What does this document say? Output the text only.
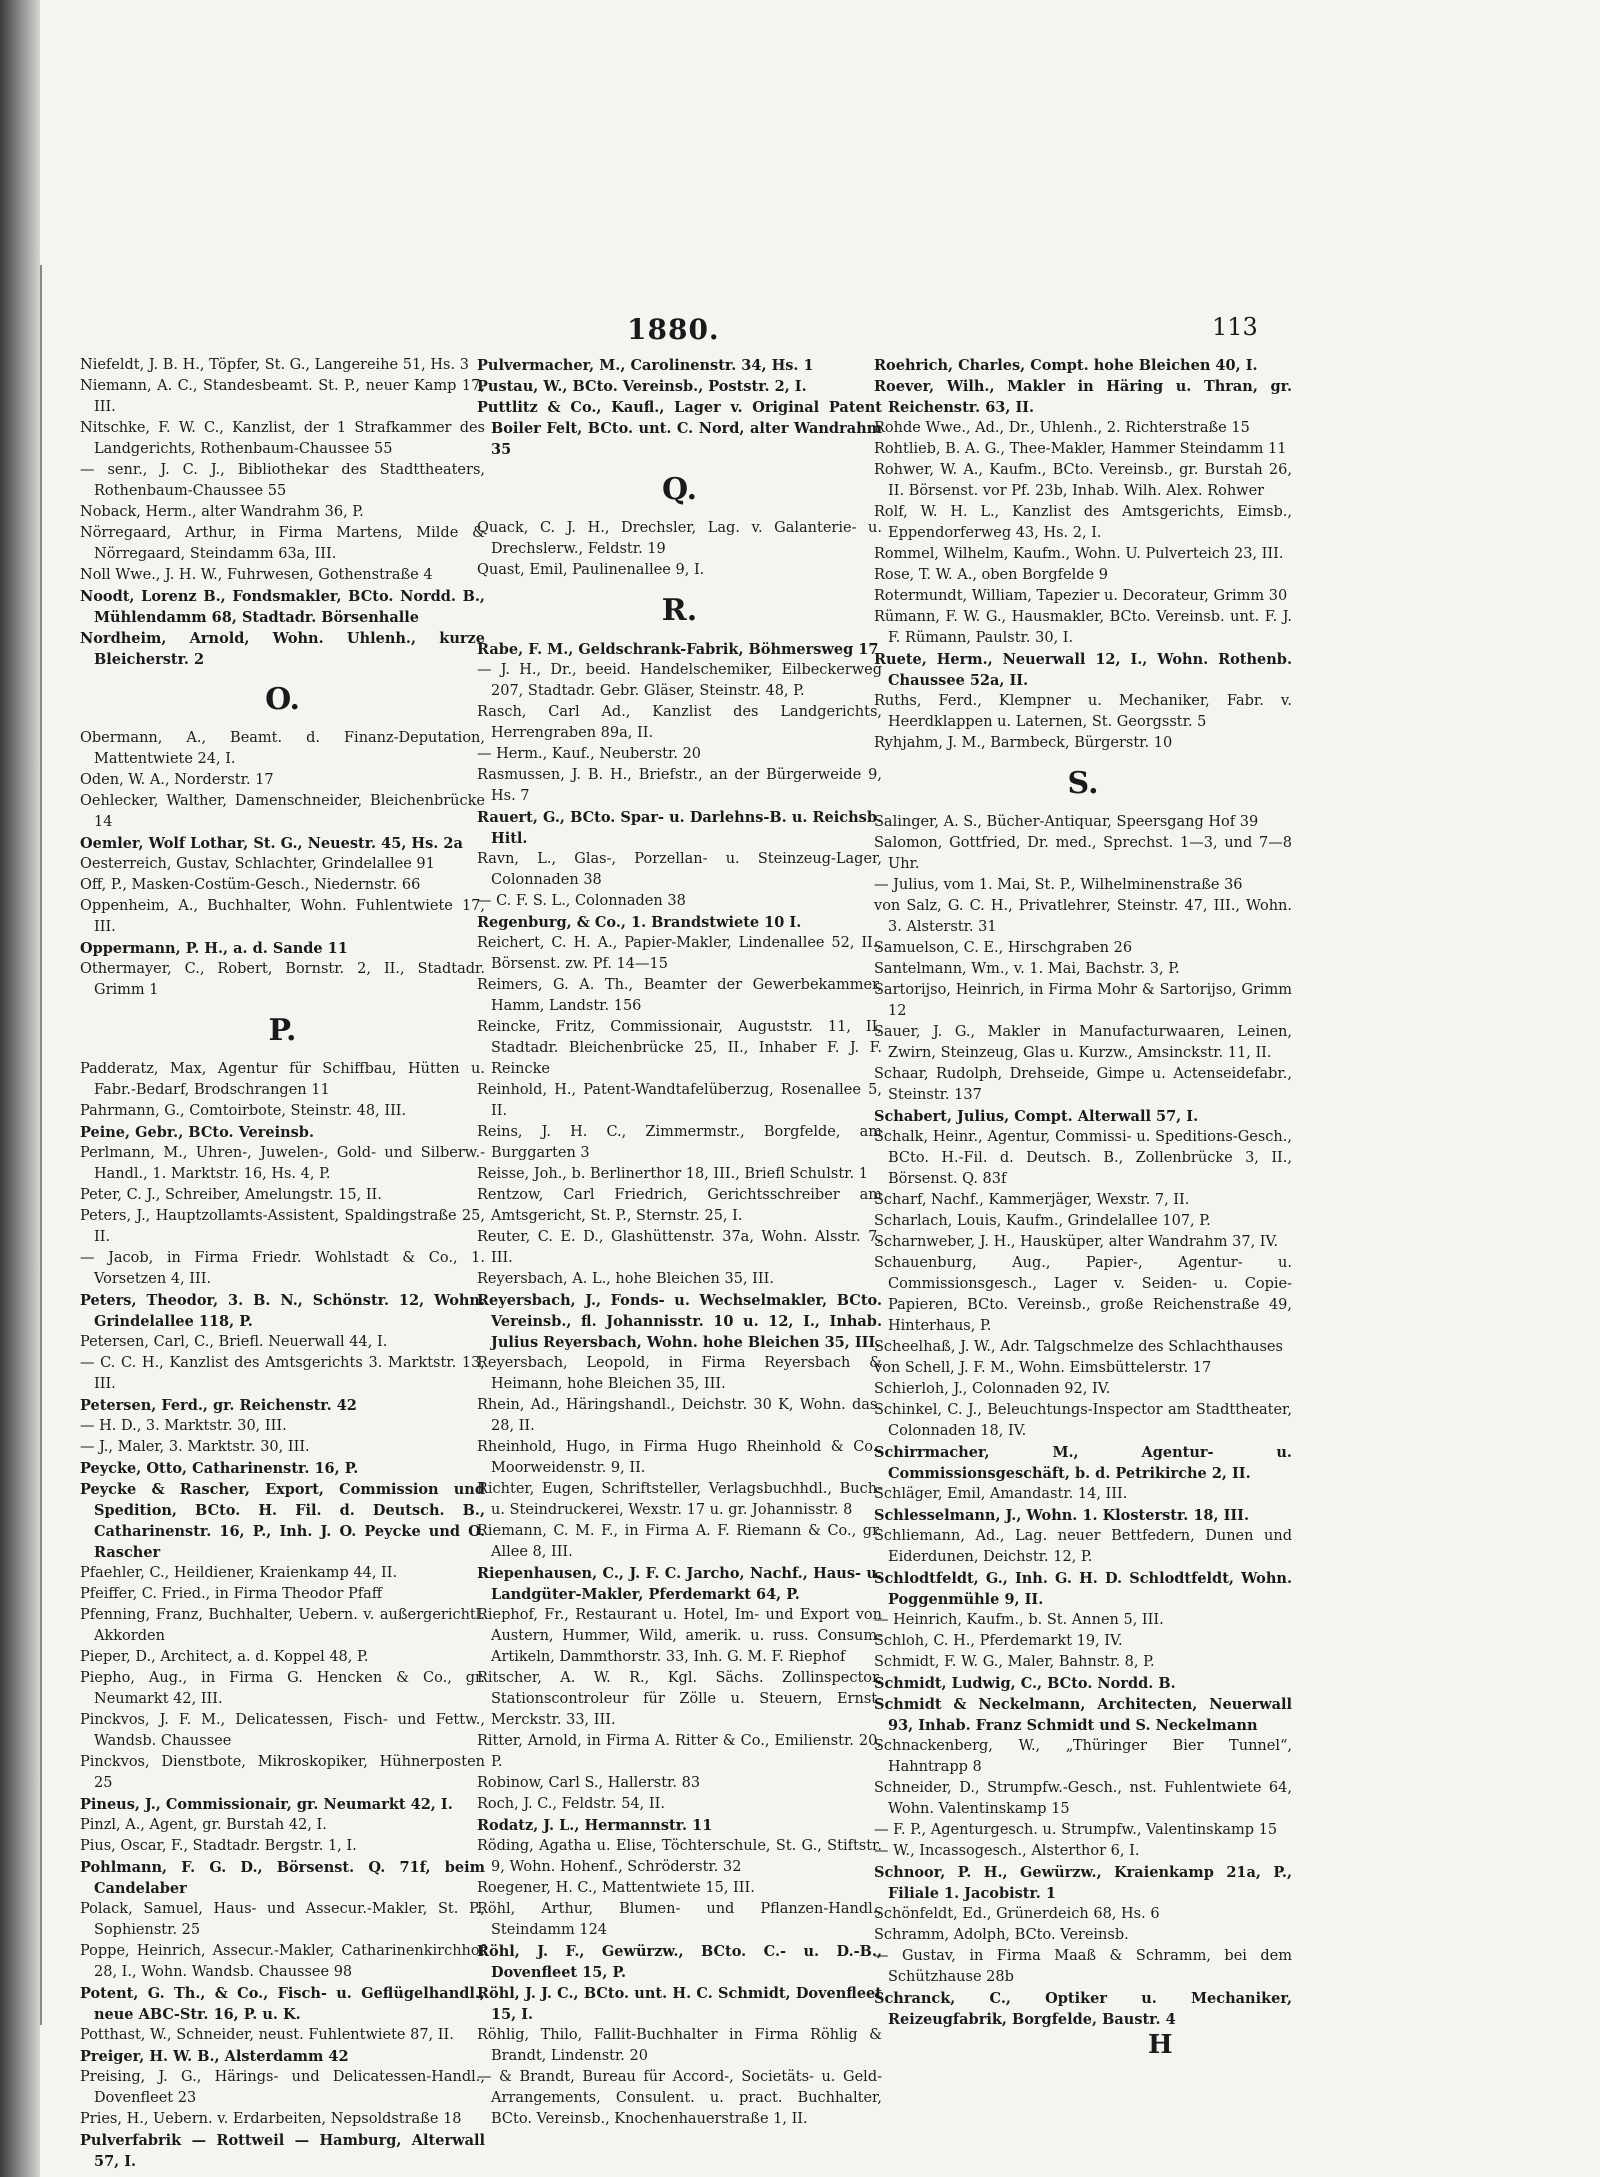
1880.	113

Niefeldt, J. B. H., Töpfer, St. G., Langereihe 51, Hs. 3

Niemann, A. C., Standesbeamt. St. P., neuer Kamp 17, III.

Nitschke, F. W. C., Kanzlist, der 1 Strafkammer des Landgerichts, Rothenbaum-Chaussee 55

— senr., J. C. J., Bibliothekar des Stadttheaters, Rothenbaum-Chaussee 55

Noback, Herm., alter Wandrahm 36, P.

Nörregaard, Arthur, in Firma Martens, Milde & Nörregaard, Steindamm 63a, III.

Noll Wwe., J. H. W., Fuhrwesen, Gothenstraße 4

Noodt, Lorenz B., Fondsmakler, BCto. Nordd. B., Mühlendamm 68, Stadtadr. Börsenhalle

Nordheim, Arnold, Wohn. Uhlenh., kurze Bleicherstr. 2

O.

Obermann, A., Beamt. d. Finanz-Deputation, Mattentwiete 24, I.

Oden, W. A., Norderstr. 17

Oehlecker, Walther, Damenschneider, Bleichenbrücke 14

Oemler, Wolf Lothar, St. G., Neuestr. 45, Hs. 2a

Oesterreich, Gustav, Schlachter, Grindelallee 91

Off, P., Masken-Costüm-Gesch., Niedernstr. 66

Oppenheim, A., Buchhalter, Wohn. Fuhlentwiete 17, III.

Oppermann, P. H., a. d. Sande 11

Othermayer, C., Robert, Bornstr. 2, II., Stadtadr. Grimm 1

P.

Padderatz, Max, Agentur für Schiffbau, Hütten u. Fabr.-Bedarf, Brodschrangen 11

Pahrmann, G., Comtoirbote, Steinstr. 48, III.

Peine, Gebr., BCto. Vereinsb.

Perlmann, M., Uhren-, Juwelen-, Gold- und Silberw.-Handl., 1. Marktstr. 16, Hs. 4, P.

Peter, C. J., Schreiber, Amelungstr. 15, II.

Peters, J., Hauptzollamts-Assistent, Spaldingstraße 25, II.

— Jacob, in Firma Friedr. Wohlstadt & Co., 1. Vorsetzen 4, III.

Peters, Theodor, 3. B. N., Schönstr. 12, Wohn. Grindelallee 118, P.

Petersen, Carl, C., Briefl. Neuerwall 44, I.

— C. C. H., Kanzlist des Amtsgerichts 3. Marktstr. 13, III.

Petersen, Ferd., gr. Reichenstr. 42

— H. D., 3. Marktstr. 30, III.

— J., Maler, 3. Marktstr. 30, III.

Peycke, Otto, Catharinenstr. 16, P.

Peycke & Rascher, Export, Commission und Spedition, BCto. H. Fil. d. Deutsch. B., Catharinenstr. 16, P., Inh. J. O. Peycke und O. Rascher

Pfaehler, C., Heildiener, Kraienkamp 44, II.

Pfeiffer, C. Fried., in Firma Theodor Pfaff

Pfenning, Franz, Buchhalter, Uebern. v. außergerichtl. Akkorden

Pieper, D., Architect, a. d. Koppel 48, P.

Piepho, Aug., in Firma G. Hencken & Co., gr. Neumarkt 42, III.

Pinckvos, J. F. M., Delicatessen, Fisch- und Fettw., Wandsb. Chaussee

Pinckvos, Dienstbote, Mikroskopiker, Hühnerposten 25

Pineus, J., Commissionair, gr. Neumarkt 42, I.

Pinzl, A., Agent, gr. Burstah 42, I.

Pius, Oscar, F., Stadtadr. Bergstr. 1, I.

Pohlmann, F. G. D., Börsenst. Q. 71f, beim Candelaber

Polack, Samuel, Haus- und Assecur.-Makler, St. P., Sophienstr. 25

Poppe, Heinrich, Assecur.-Makler, Catharinenkirchhof 28, I., Wohn. Wandsb. Chaussee 98

Potent, G. Th., & Co., Fisch- u. Geflügelhandl., neue ABC-Str. 16, P. u. K.

Potthast, W., Schneider, neust. Fuhlentwiete 87, II.

Preiger, H. W. B., Alsterdamm 42

Preising, J. G., Härings- und Delicatessen-Handl., Dovenfleet 23

Pries, H., Uebern. v. Erdarbeiten, Nepsoldstraße 18

Pulverfabrik — Rottweil — Hamburg, Alterwall 57, I.

Pulvermacher, M., Carolinenstr. 34, Hs. 1

Pustau, W., BCto. Vereinsb., Poststr. 2, I.

Puttlitz & Co., Kaufl., Lager v. Original Patent Boiler Felt, BCto. unt. C. Nord, alter Wandrahm 35

Q.

Quack, C. J. H., Drechsler, Lag. v. Galanterie- u. Drechslerw., Feldstr. 19

Quast, Emil, Paulinenallee 9, I.

R.

Rabe, F. M., Geldschrank-Fabrik, Böhmersweg 17

— J. H., Dr., beeid. Handelschemiker, Eilbeckerweg 207, Stadtadr. Gebr. Gläser, Steinstr. 48, P.

Rasch, Carl Ad., Kanzlist des Landgerichts, Herrengraben 89a, II.

— Herm., Kauf., Neuberstr. 20

Rasmussen, J. B. H., Briefstr., an der Bürgerweide 9, Hs. 7

Rauert, G., BCto. Spar- u. Darlehns-B. u. Reichsb. Hitl.

Ravn, L., Glas-, Porzellan- u. Steinzeug-Lager, Colonnaden 38

— C. F. S. L., Colonnaden 38

Regenburg, & Co., 1. Brandstwiete 10 I.

Reichert, C. H. A., Papier-Makler, Lindenallee 52, II., Börsenst. zw. Pf. 14—15

Reimers, G. A. Th., Beamter der Gewerbekammer, Hamm, Landstr. 156

Reincke, Fritz, Commissionair, Auguststr. 11, II, Stadtadr. Bleichenbrücke 25, II., Inhaber F. J. F. Reincke

Reinhold, H., Patent-Wandtafelüberzug, Rosenallee 5, II.

Reins, J. H. C., Zimmermstr., Borgfelde, am Burggarten 3

Reisse, Joh., b. Berlinerthor 18, III., Briefl Schulstr. 1

Rentzow, Carl Friedrich, Gerichtsschreiber am Amtsgericht, St. P., Sternstr. 25, I.

Reuter, C. E. D., Glashüttenstr. 37a, Wohn. Alsstr. 7, III.

Reyersbach, A. L., hohe Bleichen 35, III.

Reyersbach, J., Fonds- u. Wechselmakler, BCto. Vereinsb., fl. Johannisstr. 10 u. 12, I., Inhab. Julius Reyersbach, Wohn. hohe Bleichen 35, III.

Reyersbach, Leopold, in Firma Reyersbach & Heimann, hohe Bleichen 35, III.

Rhein, Ad., Häringshandl., Deichstr. 30 K, Wohn. das. 28, II.

Rheinhold, Hugo, in Firma Hugo Rheinhold & Co., Moorweidenstr. 9, II.

Richter, Eugen, Schriftsteller, Verlagsbuchhdl., Buch- u. Steindruckerei, Wexstr. 17 u. gr. Johannisstr. 8

Riemann, C. M. F., in Firma A. F. Riemann & Co., gr. Allee 8, III.

Riepenhausen, C., J. F. C. Jarcho, Nachf., Haus- u. Landgüter-Makler, Pferdemarkt 64, P.

Riephof, Fr., Restaurant u. Hotel, Im- und Export von Austern, Hummer, Wild, amerik. u. russ. Consum-Artikeln, Dammthorstr. 33, Inh. G. M. F. Riephof

Ritscher, A. W. R., Kgl. Sächs. Zollinspector, Stationscontroleur für Zölle u. Steuern, Ernst-Merckstr. 33, III.

Ritter, Arnold, in Firma A. Ritter & Co., Emilienstr. 20, P.

Robinow, Carl S., Hallerstr. 83

Roch, J. C., Feldstr. 54, II.

Rodatz, J. L., Hermannstr. 11

Röding, Agatha u. Elise, Töchterschule, St. G., Stiftstr. 9, Wohn. Hohenf., Schröderstr. 32

Roegener, H. C., Mattentwiete 15, III.

Röhl, Arthur, Blumen- und Pflanzen-Handl., Steindamm 124

Röhl, J. F., Gewürzw., BCto. C.- u. D.-B., Dovenfleet 15, P.

Röhl, J. J. C., BCto. unt. H. C. Schmidt, Dovenfleet 15, I.

Röhlig, Thilo, Fallit-Buchhalter in Firma Röhlig & Brandt, Lindenstr. 20

— & Brandt, Bureau für Accord-, Societäts- u. Geld-Arrangements, Consulent. u. pract. Buchhalter, BCto. Vereinsb., Knochenhauerstraße 1, II.

Roehrich, Charles, Compt. hohe Bleichen 40, I.

Roever, Wilh., Makler in Häring u. Thran, gr. Reichenstr. 63, II.

Rohde Wwe., Ad., Dr., Uhlenh., 2. Richterstraße 15

Rohtlieb, B. A. G., Thee-Makler, Hammer Steindamm 11

Rohwer, W. A., Kaufm., BCto. Vereinsb., gr. Burstah 26, II. Börsenst. vor Pf. 23b, Inhab. Wilh. Alex. Rohwer

Rolf, W. H. L., Kanzlist des Amtsgerichts, Eimsb., Eppendorferweg 43, Hs. 2, I.

Rommel, Wilhelm, Kaufm., Wohn. U. Pulverteich 23, III.

Rose, T. W. A., oben Borgfelde 9

Rotermundt, William, Tapezier u. Decorateur, Grimm 30

Rümann, F. W. G., Hausmakler, BCto. Vereinsb. unt. F. J. F. Rümann, Paulstr. 30, I.

Ruete, Herm., Neuerwall 12, I., Wohn. Rothenb. Chaussee 52a, II.

Ruths, Ferd., Klempner u. Mechaniker, Fabr. v. Heerdklappen u. Laternen, St. Georgsstr. 5

Ryhjahm, J. M., Barmbeck, Bürgerstr. 10

S.

Salinger, A. S., Bücher-Antiquar, Speersgang Hof 39

Salomon, Gottfried, Dr. med., Sprechst. 1—3, und 7—8 Uhr.

— Julius, vom 1. Mai, St. P., Wilhelminenstraße 36

von Salz, G. C. H., Privatlehrer, Steinstr. 47, III., Wohn. 3. Alsterstr. 31

Samuelson, C. E., Hirschgraben 26

Santelmann, Wm., v. 1. Mai, Bachstr. 3, P.

Sartorijso, Heinrich, in Firma Mohr & Sartorijso, Grimm 12

Sauer, J. G., Makler in Manufacturwaaren, Leinen, Zwirn, Steinzeug, Glas u. Kurzw., Amsinckstr. 11, II.

Schaar, Rudolph, Drehseide, Gimpe u. Actenseidefabr., Steinstr. 137

Schabert, Julius, Compt. Alterwall 57, I.

Schalk, Heinr., Agentur, Commissi- u. Speditions-Gesch., BCto. H.-Fil. d. Deutsch. B., Zollenbrücke 3, II., Börsenst. Q. 83f

Scharf, Nachf., Kammerjäger, Wexstr. 7, II.

Scharlach, Louis, Kaufm., Grindelallee 107, P.

Scharnweber, J. H., Hausküper, alter Wandrahm 37, IV.

Schauenburg, Aug., Papier-, Agentur- u. Commissionsgesch., Lager v. Seiden- u. Copie-Papieren, BCto. Vereinsb., große Reichenstraße 49, Hinterhaus, P.

Scheelhaß, J. W., Adr. Talgschmelze des Schlachthauses

von Schell, J. F. M., Wohn. Eimsbüttelerstr. 17

Schierloh, J., Colonnaden 92, IV.

Schinkel, C. J., Beleuchtungs-Inspector am Stadttheater, Colonnaden 18, IV.

Schirrmacher, M., Agentur- u. Commissionsgeschäft, b. d. Petrikirche 2, II.

Schläger, Emil, Amandastr. 14, III.

Schlesselmann, J., Wohn. 1. Klosterstr. 18, III.

Schliemann, Ad., Lag. neuer Bettfedern, Dunen und Eiderdunen, Deichstr. 12, P.

Schlodtfeldt, G., Inh. G. H. D. Schlodtfeldt, Wohn. Poggenmühle 9, II.

— Heinrich, Kaufm., b. St. Annen 5, III.

Schloh, C. H., Pferdemarkt 19, IV.

Schmidt, F. W. G., Maler, Bahnstr. 8, P.

Schmidt, Ludwig, C., BCto. Nordd. B.

Schmidt & Neckelmann, Architecten, Neuerwall 93, Inhab. Franz Schmidt und S. Neckelmann

Schnackenberg, W., „Thüringer Bier Tunnel“, Hahntrapp 8

Schneider, D., Strumpfw.-Gesch., nst. Fuhlentwiete 64, Wohn. Valentinskamp 15

— F. P., Agenturgesch. u. Strumpfw., Valentinskamp 15

— W., Incassogesch., Alsterthor 6, I.

Schnoor, P. H., Gewürzw., Kraienkamp 21a, P., Filiale 1. Jacobistr. 1

Schönfeldt, Ed., Grünerdeich 68, Hs. 6

Schramm, Adolph, BCto. Vereinsb.

— Gustav, in Firma Maaß & Schramm, bei dem Schützhause 28b

Schranck, C., Optiker u. Mechaniker, Reizeugfabrik, Borgfelde, Baustr. 4

H
